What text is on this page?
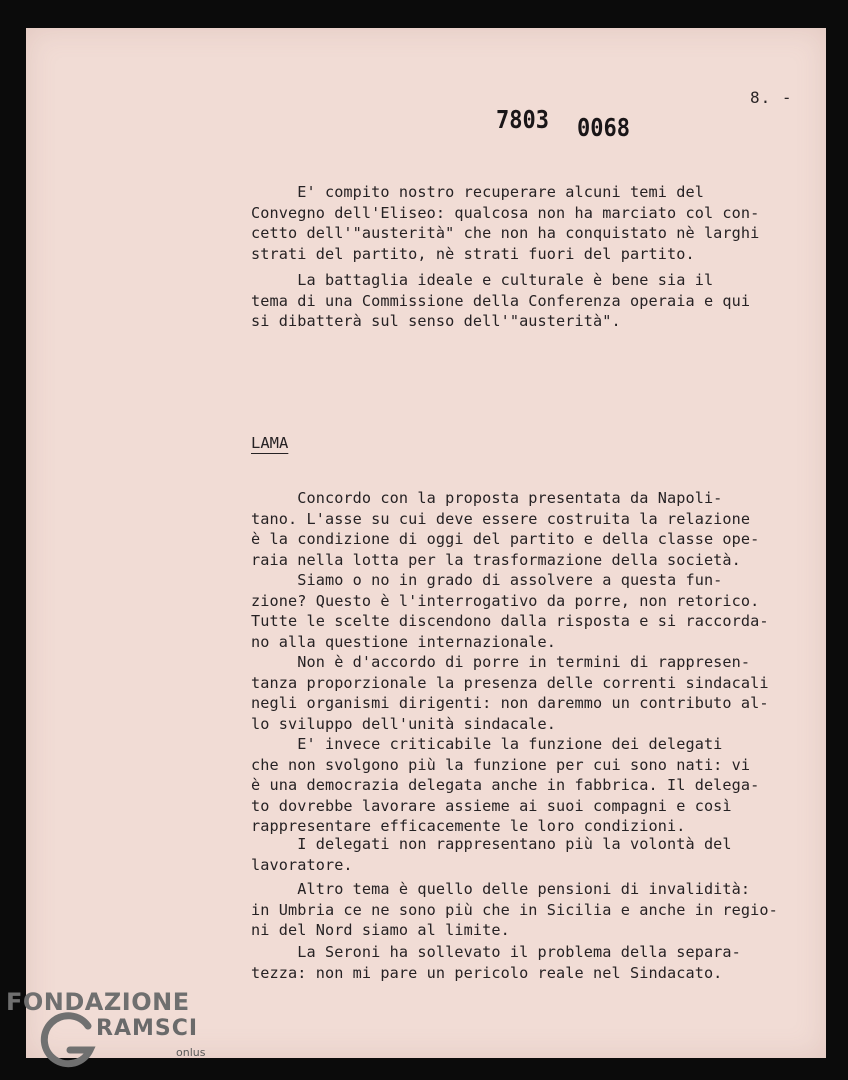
8. -
7803 0068
E' compito nostro recuperare alcuni temi del
Convegno dell'Eliseo: qualcosa non ha marciato col con-
cetto dell'"austerità" che non ha conquistato nè larghi
strati del partito, nè strati fuori del partito.
La battaglia ideale e culturale è bene sia il
tema di una Commissione della Conferenza operaia e qui
si dibatterà sul senso dell'"austerità".
LAMA
Concordo con la proposta presentata da Napoli-
tano. L'asse su cui deve essere costruita la relazione
è la condizione di oggi del partito e della classe ope-
raia nella lotta per la trasformazione della società.
Siamo o no in grado di assolvere a questa fun-
zione? Questo è l'interrogativo da porre, non retorico.
Tutte le scelte discendono dalla risposta e si raccorda-
no alla questione internazionale.
Non è d'accordo di porre in termini di rappresen-
tanza proporzionale la presenza delle correnti sindacali
negli organismi dirigenti: non daremmo un contributo al-
lo sviluppo dell'unità sindacale.
E' invece criticabile la funzione dei delegati
che non svolgono più la funzione per cui sono nati: vi
è una democrazia delegata anche in fabbrica. Il delega-
to dovrebbe lavorare assieme ai suoi compagni e così
rappresentare efficacemente le loro condizioni.
I delegati non rappresentano più la volontà del
lavoratore.
Altro tema è quello delle pensioni di invalidità:
in Umbria ce ne sono più che in Sicilia e anche in regio-
ni del Nord siamo al limite.
La Seroni ha sollevato il problema della separa-
tezza: non mi pare un pericolo reale nel Sindacato.
FONDAZIONE
RAMSCI
onlus
